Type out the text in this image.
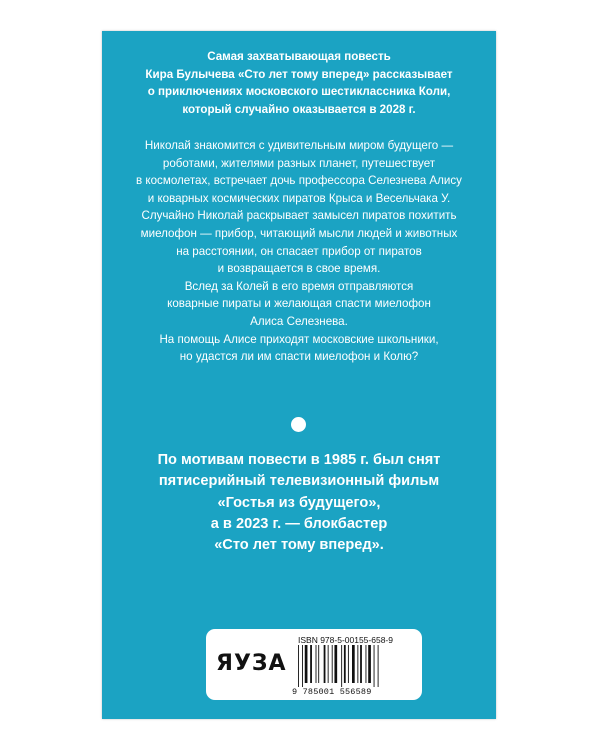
Самая захватывающая повесть
Кира Булычева «Сто лет тому вперед» рассказывает
о приключениях московского шестиклассника Коли,
который случайно оказывается в 2028 г.
Николай знакомится с удивительным миром будущего —
роботами, жителями разных планет, путешествует
в космолетах, встречает дочь профессора Селезнева Алису
и коварных космических пиратов Крыса и Весельчака У.
Случайно Николай раскрывает замысел пиратов похитить
миелофон — прибор, читающий мысли людей и животных
на расстоянии, он спасает прибор от пиратов
и возвращается в свое время.
Вслед за Колей в его время отправляются
коварные пираты и желающая спасти миелофон
Алиса Селезнева.
На помощь Алисе приходят московские школьники,
но удастся ли им спасти миелофон и Колю?
По мотивам повести в 1985 г. был снят
пятисерийный телевизионный фильм
«Гостья из будущего»,
а в 2023 г. — блокбастер
«Сто лет тому вперед».
ЯУЗА
ISBN 978-5-00155-658-9
9 785001 556589
